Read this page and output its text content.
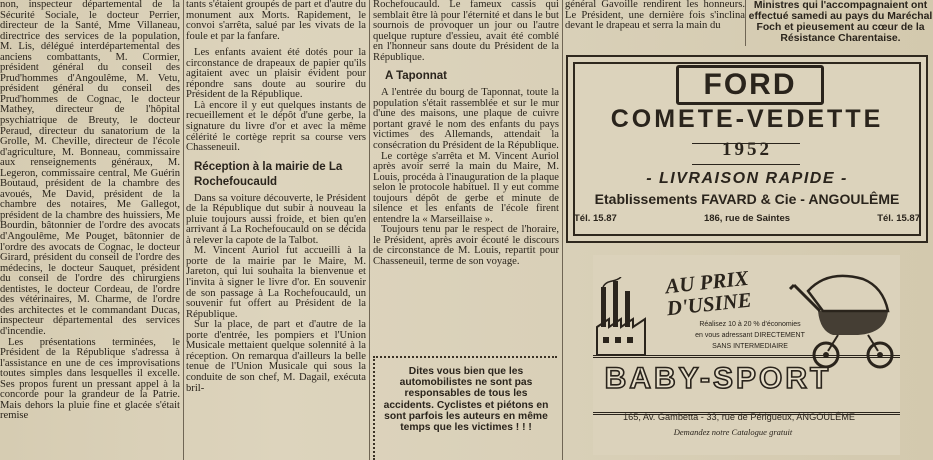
non, inspecteur départemental de la Sécurité Sociale, le docteur Perrier, directeur de la Santé, Mme Villaneau, directrice des services de la population, M. Lis, délégué interdépartemental des anciens combattants, M. Cormier, président général du conseil des Prud'hommes d'Angoulême, M. Vetu, président général du conseil des Prud'hommes de Cognac, le docteur Mathey, directeur de l'hôpital psychiatrique de Breuty, le docteur Peraud, directeur du sanatorium de la Grolle, M. Cheville, directeur de l'école d'agriculture, M. Bonneau, commissaire aux renseignements généraux, M. Legeron, commissaire central, Me Guérin Boutaud, président de la chambre des avoués, Me David, président de la chambre des notaires, Me Gallegot, président de la chambre des huissiers, Me Bourdin, bâtonnier de l'ordre des avocats d'Angoulême, Me Pouget, bâtonnier de l'ordre des avocats de Cognac, le docteur Girard, président du conseil de l'ordre des médecins, le docteur Sauquet, président du conseil de l'ordre des chirurgiens dentistes, le docteur Cordeau, de l'ordre des vétérinaires, M. Charme, de l'ordre des architectes et le commandant Ducas, inspecteur départemental des services d'incendie.

Les présentations terminées, le Président de la République s'adressa à l'assistance en une de ces improvisations toutes simples dans lesquelles il excelle. Ses propos furent un pressant appel à la concorde pour la grandeur de la Patrie. Mais dehors la pluie fine et glacée s'était remise

tants s'étaient groupés de part et d'autre du monument aux Morts. Rapidement, le convoi s'arrêta, salué par les vivats de la foule et par la fanfare.

Les enfants avaient été dotés pour la circonstance de drapeaux de papier qu'ils agitaient avec un plaisir évident pour répondre sans doute au sourire du Président de la République.

Là encore il y eut quelques instants de recueillement et le dépôt d'une gerbe, la signature du livre d'or et avec la même célérité le cortège reprit sa course vers Chasseneuil.

Réception à la mairie de La Rochefoucauld

Dans sa voiture découverte, le Président de la République dut subir à nouveau la pluie toujours aussi froide, et bien qu'en arrivant à La Rochefoucauld on se décida à relever la capote de la Talbot.

M. Vincent Auriol fut accueilli à la porte de la mairie par le Maire, M. Jareton, qui lui souhaita la bienvenue et l'invita à signer le livre d'or. En souvenir de son passage à La Rochefoucauld, un souvenir fut offert au Président de la République.

Sur la place, de part et d'autre de la porte d'entrée, les pompiers et l'Union Musicale mettaient quelque solennité à la réception. On remarqua d'ailleurs la belle tenue de l'Union Musicale qui sous la conduite de son chef, M. Dagail, exécuta bril-

Rochefoucauld. Le fameux cassis qui semblait être là pour l'éternité et dans le but sournois de provoquer un jour ou l'autre quelque rupture d'essieu, avait été comblé en l'honneur sans doute du Président de la République.

A Taponnat

A l'entrée du bourg de Taponnat, toute la population s'était rassemblée et sur le mur d'une des maisons, une plaque de cuivre portant gravé le nom des enfants du pays victimes des Allemands, attendait la consécration du Président de la République.

Le cortège s'arrêta et M. Vincent Auriol après avoir serré la main du Maire, M. Louis, procéda à l'inauguration de la plaque selon le protocole habituel. Il y eut comme toujours dépôt de gerbe et minute de silence et les enfants de l'école firent entendre la « Marseillaise ».

Toujours tenu par le respect de l'horaire, le Président, après avoir écouté le discours de circonstance de M. Louis, repartit pour Chasseneuil, terme de son voyage.

Dites vous bien que les automobilistes ne sont pas responsables de tous les accidents. Cyclistes et piétons en sont parfois les auteurs en même temps que les victimes ! ! !

général Gavoille rendirent les honneurs. Le Président, une dernière fois s'inclina devant le drapeau et serra la main du

Ministres qui l'accompagnaient ont effectué samedi au pays du Maréchal Foch et pieusement au cœur de la Résistance Charentaise.
FORD
COMETE-VEDETTE
1952
- LIVRAISON RAPIDE -
Etablissements FAVARD & Cie - ANGOULÊME
Tél. 15.87	186, rue de Saintes	Tél. 15.87
AU PRIX D'USINE
Réalisez 10 à 20 % d'économies
en vous adressant DIRECTEMENT
SANS INTERMEDIAIRE
BABY-SPORT
165, Av. Gambetta - 33, rue de Périgueux, ANGOULÊME
Demandez notre Catalogue gratuit
